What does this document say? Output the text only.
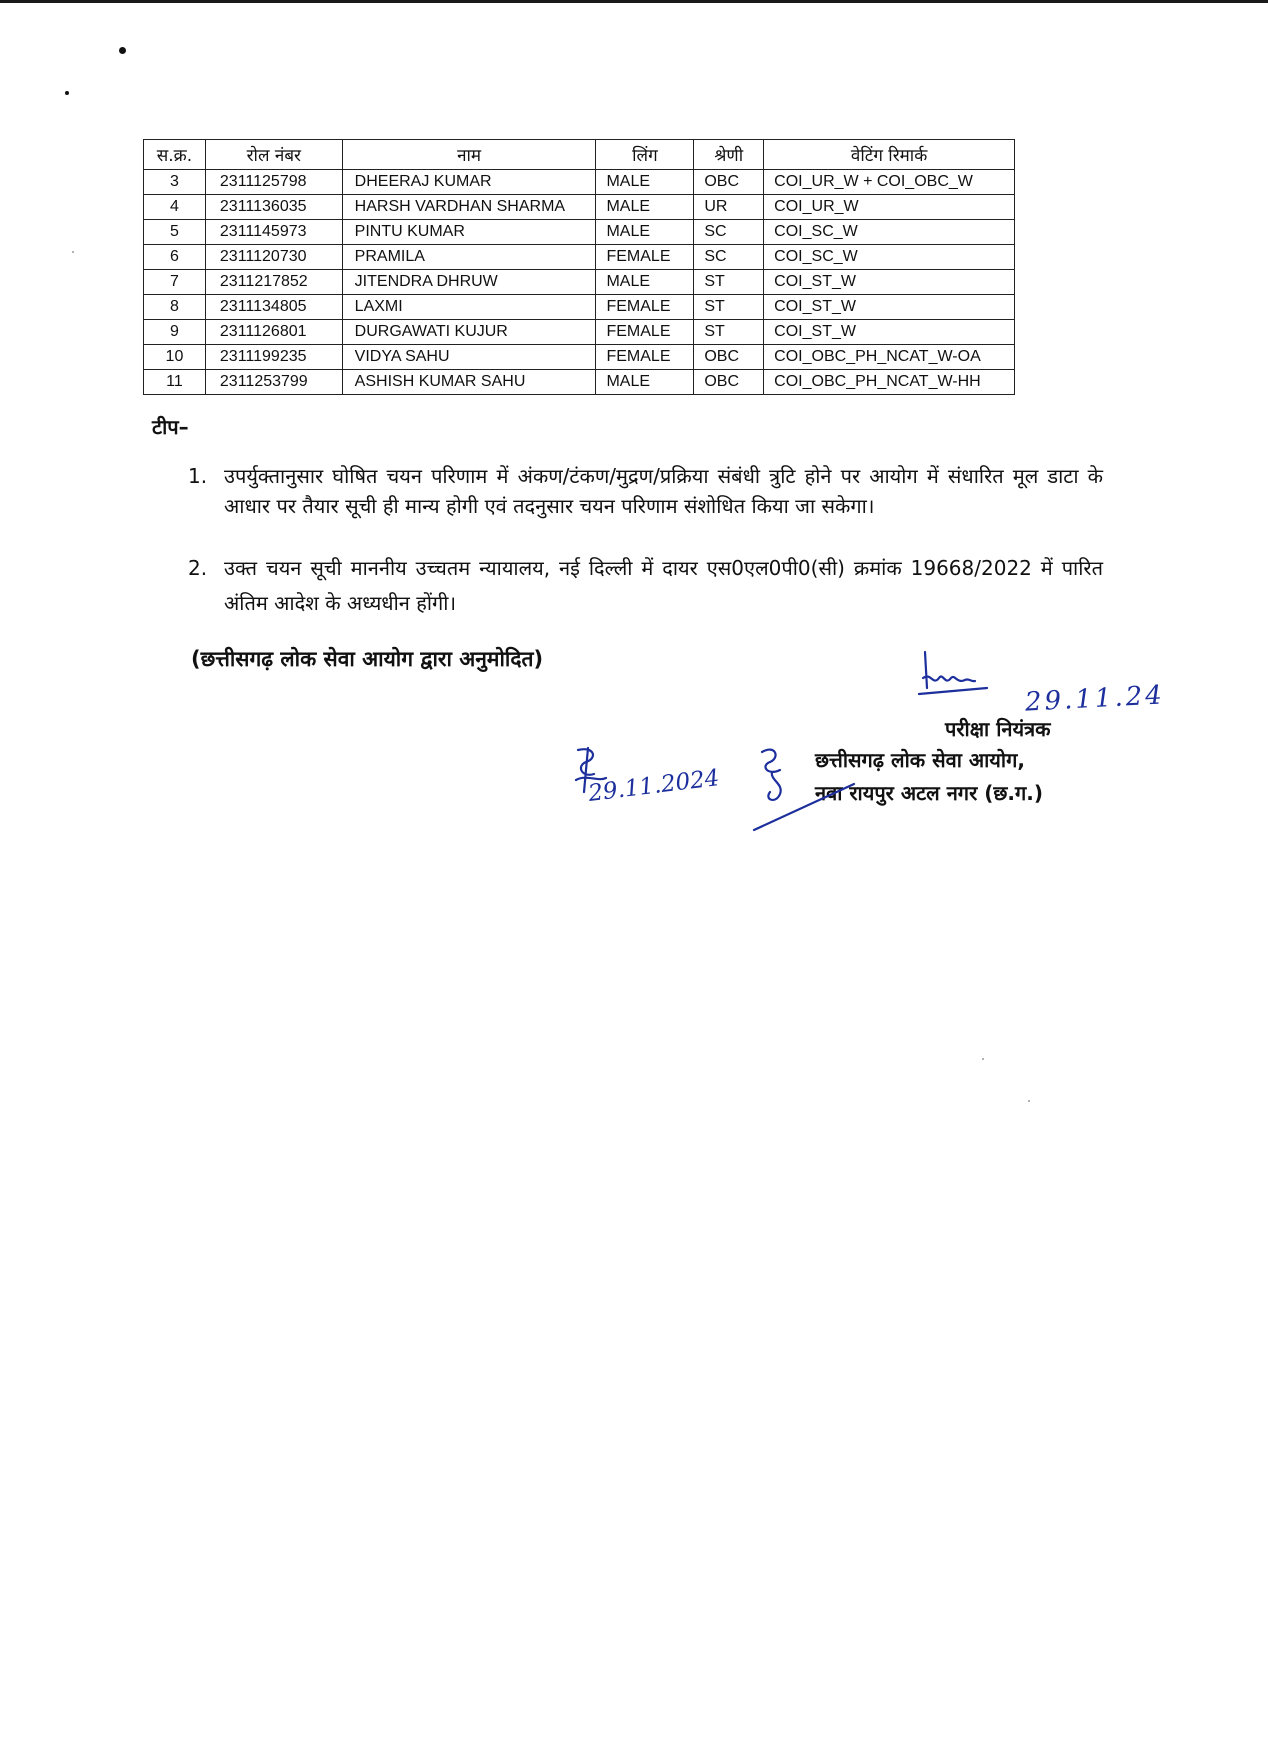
स.क्र.	रोल नंबर	नाम	लिंग	श्रेणी	वेटिंग रिमार्क
3	2311125798	DHEERAJ KUMAR	MALE	OBC	COI_UR_W + COI_OBC_W
4	2311136035	HARSH VARDHAN SHARMA	MALE	UR	COI_UR_W
5	2311145973	PINTU KUMAR	MALE	SC	COI_SC_W
6	2311120730	PRAMILA	FEMALE	SC	COI_SC_W
7	2311217852	JITENDRA DHRUW	MALE	ST	COI_ST_W
8	2311134805	LAXMI	FEMALE	ST	COI_ST_W
9	2311126801	DURGAWATI KUJUR	FEMALE	ST	COI_ST_W
10	2311199235	VIDYA SAHU	FEMALE	OBC	COI_OBC_PH_NCAT_W-OA
11	2311253799	ASHISH KUMAR SAHU	MALE	OBC	COI_OBC_PH_NCAT_W-HH
टीप–
1. उपर्युक्तानुसार घोषित चयन परिणाम में अंकण/टंकण/मुद्रण/प्रक्रिया संबंधी त्रुटि होने पर आयोग में संधारित मूल डाटा के आधार पर तैयार सूची ही मान्य होगी एवं तदनुसार चयन परिणाम संशोधित किया जा सकेगा।
2. उक्त चयन सूची माननीय उच्चतम न्यायालय, नई दिल्ली में दायर एस0एल0पी0(सी) क्रमांक 19668/2022 में पारित अंतिम आदेश के अध्यधीन होंगी।
(छत्तीसगढ़ लोक सेवा आयोग द्वारा अनुमोदित)
29.11.24
परीक्षा नियंत्रक
छत्तीसगढ़ लोक सेवा आयोग,
नवा रायपुर अटल नगर (छ.ग.)
29.11.2024
